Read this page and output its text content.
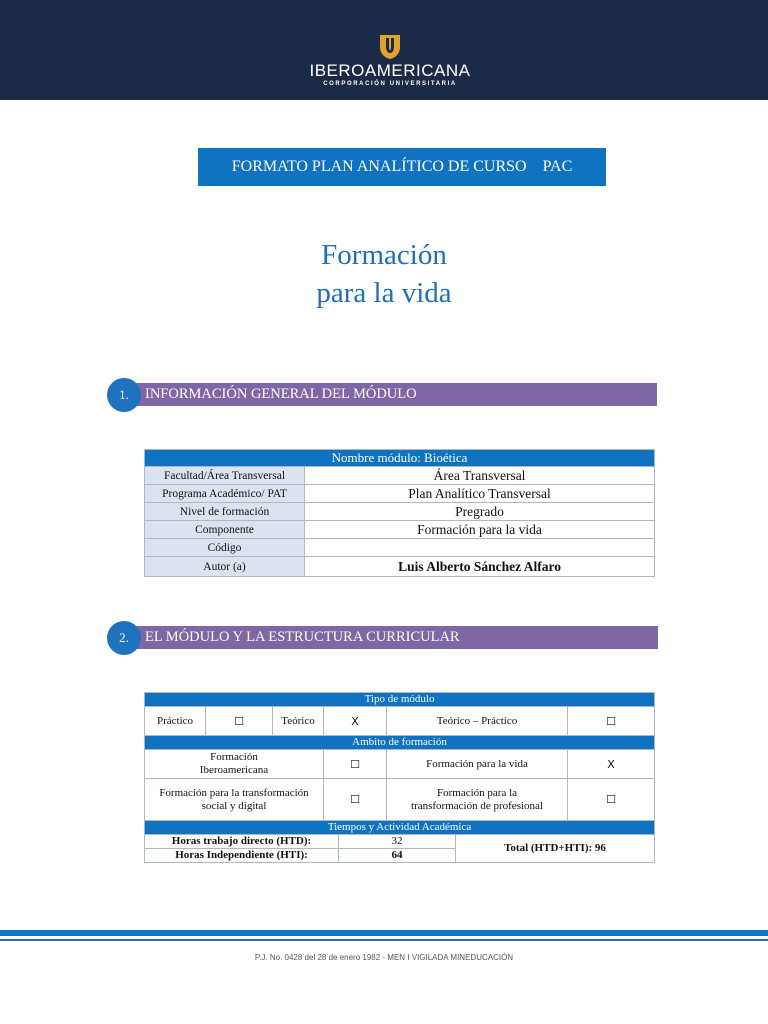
IBEROAMERICANA
CORPORACIÓN UNIVERSITARIA
FORMATO PLAN ANALÍTICO DE CURSO    PAC
Formación
para la vida
INFORMACIÓN GENERAL DEL MÓDULO
1.
Nombre módulo: Bioética	
Facultad/Área Transversal	Área Transversal
Programa Académico/ PAT	Plan Analítico Transversal
Nivel de formación	Pregrado
Componente	Formación para la vida
Código	
Autor (a)	Luis Alberto Sánchez Alfaro
EL MÓDULO Y LA ESTRUCTURA CURRICULAR
2.
Tipo de módulo							
Práctico	☐	Teórico	X		Teórico – Práctico		☐
Ambito de formación							
Formación Iberoamericana			☐		Formación para la vida		X
Formación para la transformación social y digital			☐		Formación para la transformación de profesional		☐
Tiempos y Actividad Académica							
Horas trabajo directo (HTD):				32		Total (HTD+HTI): 96	
Horas Independiente (HTI):				64			
P.J. No. 0428 del 28 de enero 1982 - MEN I VIGILADA MINEDUCACIÓN
